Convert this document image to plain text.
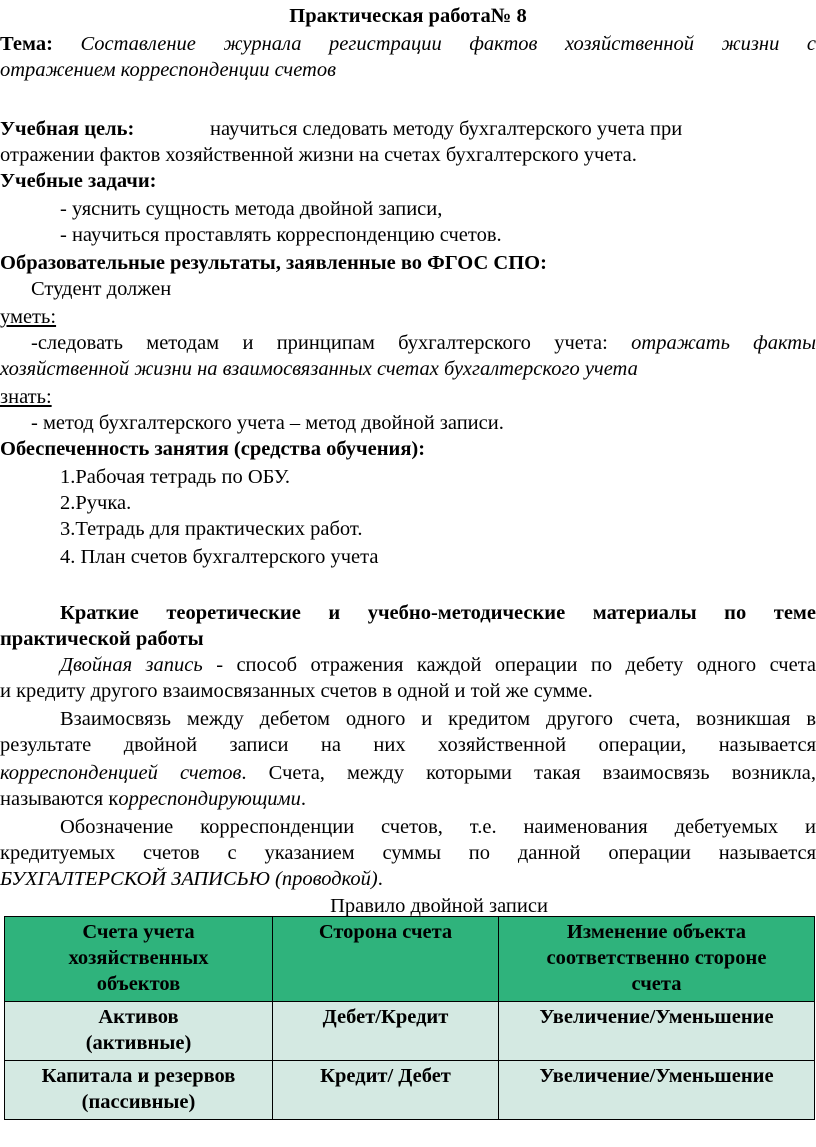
Практическая работа№ 8
Тема: Составление журнала регистрации фактов хозяйственной жизни с
отражением корреспонденции счетов
Учебная цель:	научиться следовать методу бухгалтерского учета при
отражении фактов хозяйственной жизни на счетах бухгалтерского учета.
Учебные задачи:
- уяснить сущность метода двойной записи,
- научиться проставлять корреспонденцию счетов.
Образовательные результаты, заявленные во ФГОС СПО:
Студент должен
уметь:
-следовать методам и принципам бухгалтерского учета: отражать факты
хозяйственной жизни на взаимосвязанных счетах бухгалтерского учета
знать:
- метод бухгалтерского учета – метод двойной записи.
Обеспеченность занятия (средства обучения):
1.Рабочая тетрадь по ОБУ.
2.Ручка.
3.Тетрадь для практических работ.
4. План счетов бухгалтерского учета
Краткие теоретические и учебно-методические материалы по теме
практической работы
Двойная запись - способ отражения каждой операции по дебету одного счета
и кредиту другого взаимосвязанных счетов в одной и той же сумме.
Взаимосвязь между дебетом одного и кредитом другого счета, возникшая в
результате двойной записи на них хозяйственной операции, называется
корреспонденцией счетов. Счета, между которыми такая взаимосвязь возникла,
называются корреспондирующими.
Обозначение корреспонденции счетов, т.е. наименования дебетуемых и
кредитуемых счетов с указанием суммы по данной операции называется
БУХГАЛТЕРСКОЙ ЗАПИСЬЮ (проводкой).
Правило двойной записи
Счета учета хозяйственных объектов	Сторона счета	Изменение объекта соответственно стороне счета

Активов (активные)	Дебет/Кредит	Увеличение/Уменьшение

Капитала и резервов (пассивные)	Кредит/ Дебет	Увеличение/Уменьшение
